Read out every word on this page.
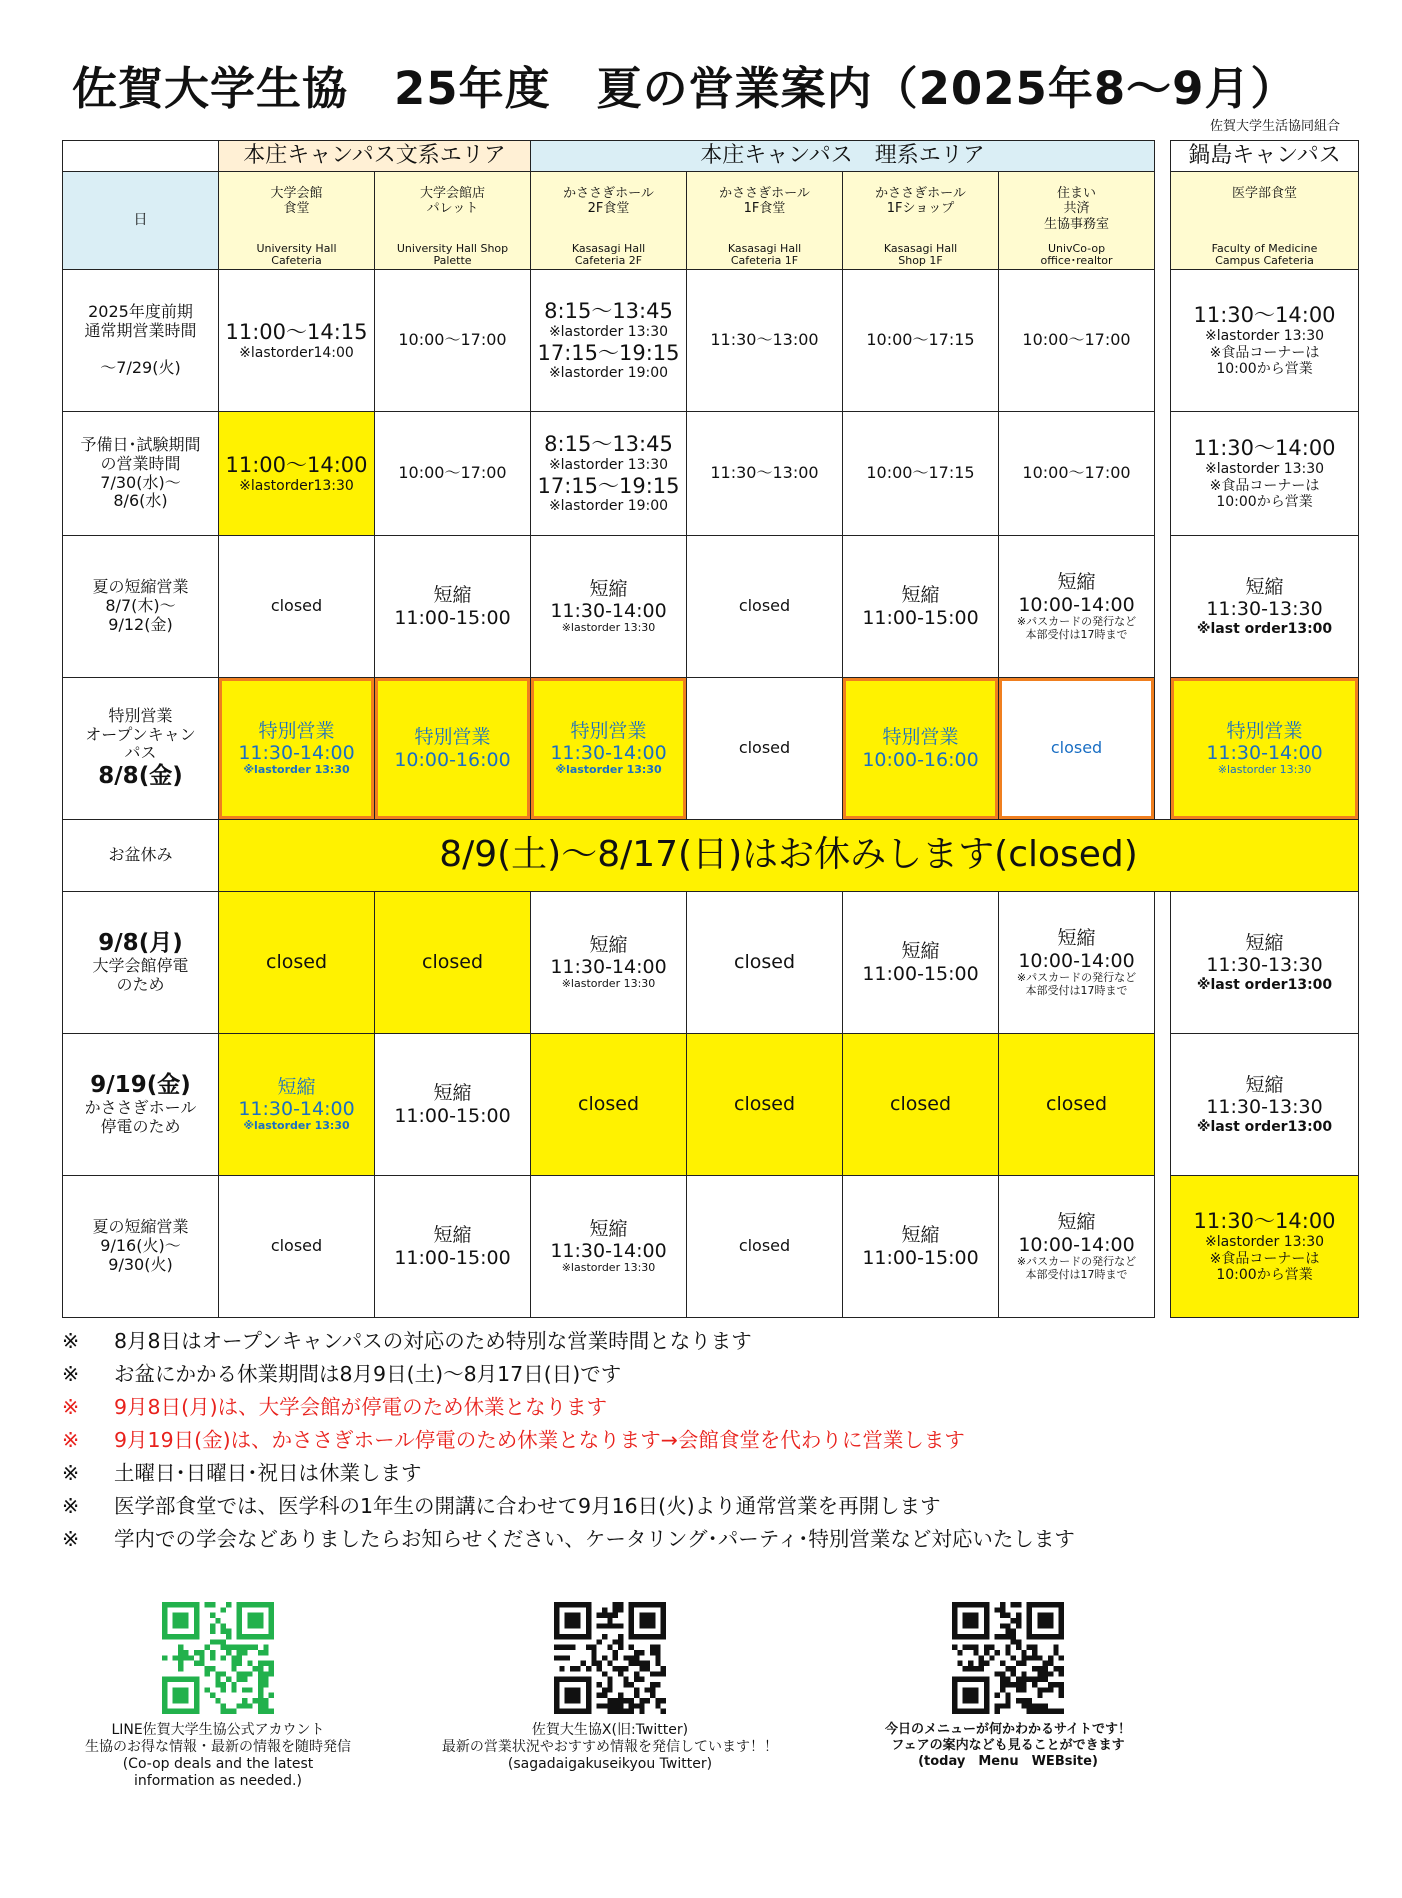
佐賀大学生協　25年度　夏の営業案内（2025年8～9月）
佐賀大学生活協同組合
	本庄キャンパス文系エリア		本庄キャンパス　理系エリア					鍋島キャンパス
日	大学会館
食堂
University Hall
Cafeteria	大学会館店
パレット
University Hall Shop
Palette	かささぎホール
2F食堂
Kasasagi Hall
Cafeteria 2F	かささぎホール
1F食堂
Kasasagi Hall
Cafeteria 1F	かささぎホール
1Fショップ
Kasasagi Hall
Shop 1F	住まい
共済
生協事務室
UnivCo-op
office･realtor		医学部食堂
Faculty of Medicine
Campus Cafeteria

2025年度前期
通常期営業時間

～7/29(火)	11:00～14:15
※lastorder14:00	10:00～17:00	8:15～13:45
※lastorder 13:30
17:15～19:15
※lastorder 19:00	11:30～13:00	10:00～17:15	10:00～17:00		11:30～14:00
※lastorder 13:30
※食品コーナーは
10:00から営業

予備日･試験期間
の営業時間
7/30(水)～
8/6(水)	11:00～14:00
※lastorder13:30	10:00～17:00	8:15～13:45
※lastorder 13:30
17:15～19:15
※lastorder 19:00	11:30～13:00	10:00～17:15	10:00～17:00		11:30～14:00
※lastorder 13:30
※食品コーナーは
10:00から営業

夏の短縮営業
8/7(木)～
9/12(金)	closed	短縮
11:00-15:00	短縮
11:30-14:00
※lastorder 13:30	closed	短縮
11:00-15:00	短縮
10:00-14:00
※パスカードの発行など
本部受付は17時まで		短縮
11:30-13:30
※last order13:00

特別営業
オープンキャン
パス
8/8(金)	特別営業
11:30-14:00
※lastorder 13:30	特別営業
10:00-16:00	特別営業
11:30-14:00
※lastorder 13:30	closed	特別営業
10:00-16:00	closed		特別営業
11:30-14:00
※lastorder 13:30

お盆休み	8/9(土)～8/17(日)はお休みします(closed)							

9/8(月)
大学会館停電
のため	closed	closed	短縮
11:30-14:00
※lastorder 13:30	closed	短縮
11:00-15:00	短縮
10:00-14:00
※パスカードの発行など
本部受付は17時まで		短縮
11:30-13:30
※last order13:00

9/19(金)
かささぎホール
停電のため	短縮
11:30-14:00
※lastorder 13:30	短縮
11:00-15:00	closed	closed	closed	closed		短縮
11:30-13:30
※last order13:00

夏の短縮営業
9/16(火)～
9/30(火)	closed	短縮
11:00-15:00	短縮
11:30-14:00
※lastorder 13:30	closed	短縮
11:00-15:00	短縮
10:00-14:00
※パスカードの発行など
本部受付は17時まで		11:30～14:00
※lastorder 13:30
※食品コーナーは
10:00から営業
※ 8月8日はオープンキャンパスの対応のため特別な営業時間となります
※ お盆にかかる休業期間は8月9日(土)～8月17日(日)です
※ 9月8日(月)は、大学会館が停電のため休業となります
※ 9月19日(金)は、かささぎホール停電のため休業となります→会館食堂を代わりに営業します
※ 土曜日･日曜日･祝日は休業します
※ 医学部食堂では、医学科の1年生の開講に合わせて9月16日(火)より通常営業を再開します
※ 学内での学会などありましたらお知らせください、ケータリング･パーティ･特別営業など対応いたします
LINE佐賀大学生協公式アカウント
生協のお得な情報・最新の情報を随時発信
(Co-op deals and the latest
information as needed.)
佐賀大生協X(旧:Twitter)
最新の営業状況やおすすめ情報を発信しています！！
(sagadaigakuseikyou Twitter)
今日のメニューが何かわかるサイトです！
フェアの案内なども見ることができます
(today　Menu　WEBsite)
